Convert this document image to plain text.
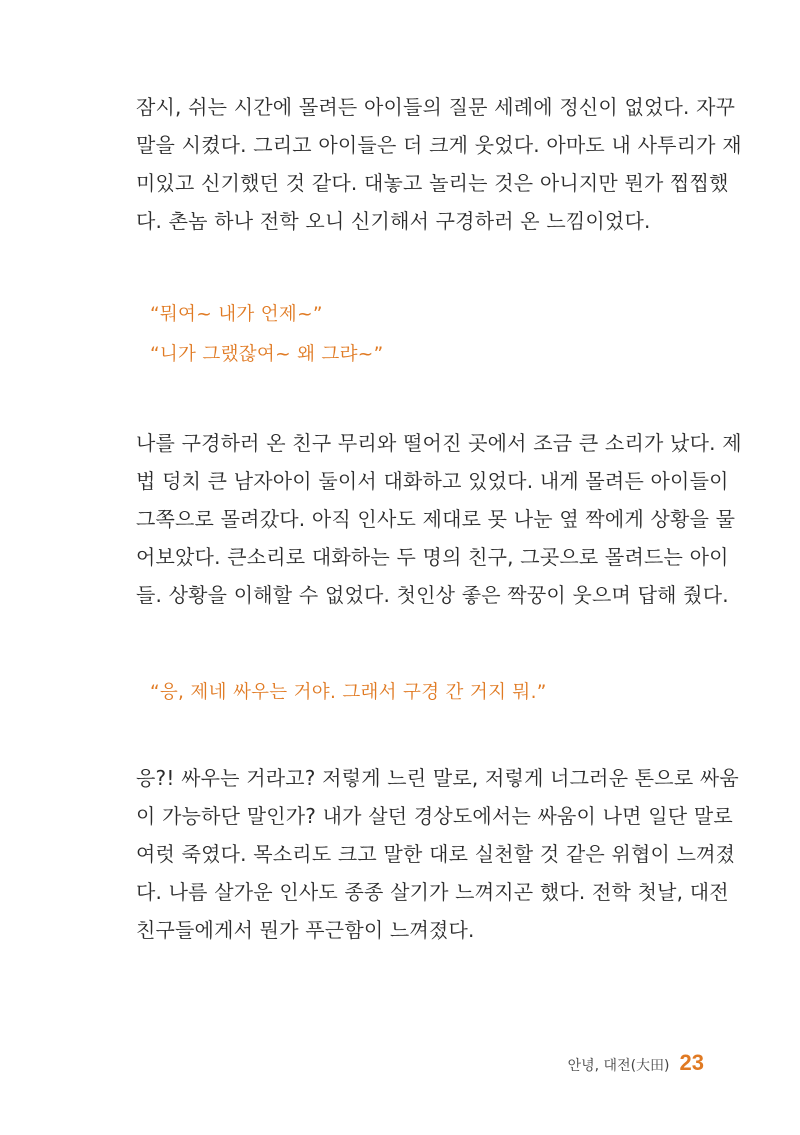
잠시, 쉬는 시간에 몰려든 아이들의 질문 세례에 정신이 없었다. 자꾸
말을 시켰다. 그리고 아이들은 더 크게 웃었다. 아마도 내 사투리가 재
미있고 신기했던 것 같다. 대놓고 놀리는 것은 아니지만 뭔가 찝찝했
다. 촌놈 하나 전학 오니 신기해서 구경하러 온 느낌이었다.
“뭐여~ 내가 언제~”
“니가 그랬잖여~ 왜 그랴~”
나를 구경하러 온 친구 무리와 떨어진 곳에서 조금 큰 소리가 났다. 제
법 덩치 큰 남자아이 둘이서 대화하고 있었다. 내게 몰려든 아이들이
그쪽으로 몰려갔다. 아직 인사도 제대로 못 나눈 옆 짝에게 상황을 물
어보았다. 큰소리로 대화하는 두 명의 친구, 그곳으로 몰려드는 아이
들. 상황을 이해할 수 없었다. 첫인상 좋은 짝꿍이 웃으며 답해 줬다.
“응, 제네 싸우는 거야. 그래서 구경 간 거지 뭐.”
응?! 싸우는 거라고? 저렇게 느린 말로, 저렇게 너그러운 톤으로 싸움
이 가능하단 말인가? 내가 살던 경상도에서는 싸움이 나면 일단 말로
여럿 죽였다. 목소리도 크고 말한 대로 실천할 것 같은 위협이 느껴졌
다. 나름 살가운 인사도 종종 살기가 느껴지곤 했다. 전학 첫날, 대전
친구들에게서 뭔가 푸근함이 느껴졌다.
안녕, 대전(大田) 23
